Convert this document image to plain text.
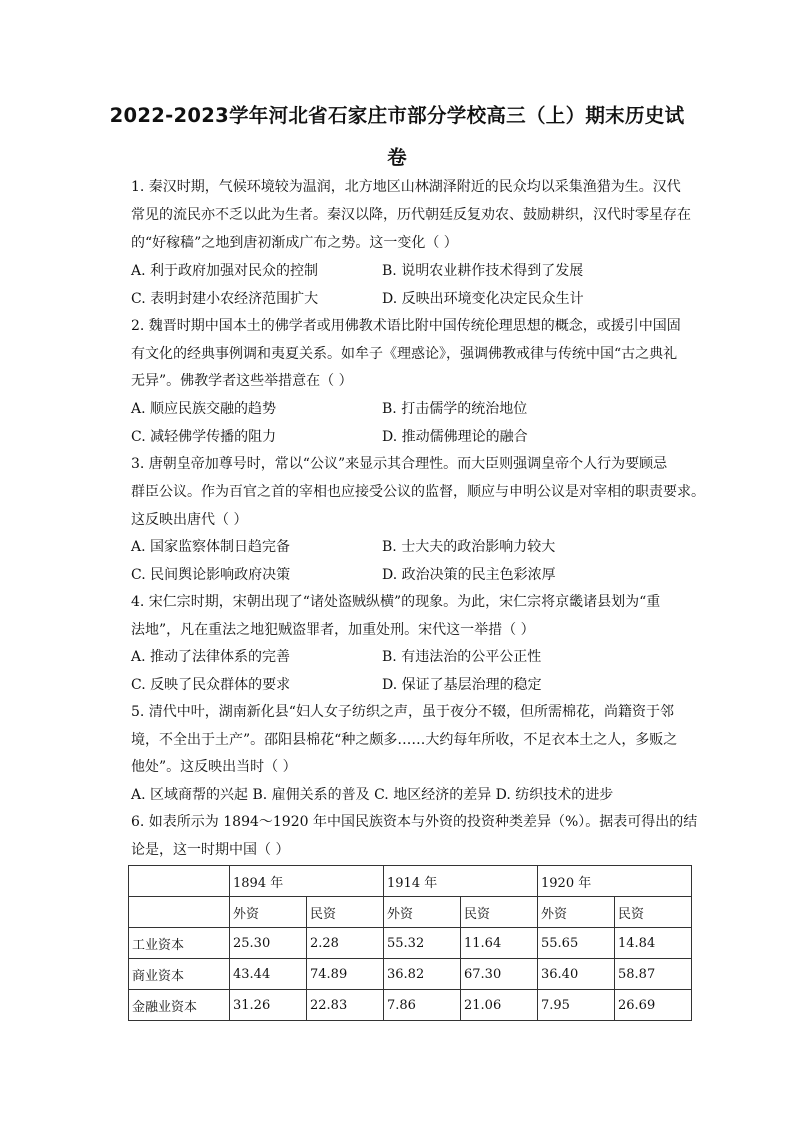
2022-2023学年河北省石家庄市部分学校高三（上）期末历史试
卷
1. 秦汉时期，气候环境较为温润，北方地区山林湖泽附近的民众均以采集渔猎为生。汉代
常见的流民亦不乏以此为生者。秦汉以降，历代朝廷反复劝农、鼓励耕织，汉代时零星存在
的“好稼穑”之地到唐初渐成广布之势。这一变化（ ）
A. 利于政府加强对民众的控制	B. 说明农业耕作技术得到了发展
C. 表明封建小农经济范围扩大	D. 反映出环境变化决定民众生计
2. 魏晋时期中国本土的佛学者或用佛教术语比附中国传统伦理思想的概念，或援引中国固
有文化的经典事例调和夷夏关系。如牟子《理惑论》，强调佛教戒律与传统中国“古之典礼
无异”。佛教学者这些举措意在（ ）
A. 顺应民族交融的趋势	B. 打击儒学的统治地位
C. 减轻佛学传播的阻力	D. 推动儒佛理论的融合
3. 唐朝皇帝加尊号时，常以“公议”来显示其合理性。而大臣则强调皇帝个人行为要顾忌
群臣公议。作为百官之首的宰相也应接受公议的监督，顺应与申明公议是对宰相的职责要求。
这反映出唐代（ ）
A. 国家监察体制日趋完备	B. 士大夫的政治影响力较大
C. 民间舆论影响政府决策	D. 政治决策的民主色彩浓厚
4. 宋仁宗时期，宋朝出现了“诸处盗贼纵横”的现象。为此，宋仁宗将京畿诸县划为“重
法地”，凡在重法之地犯贼盗罪者，加重处刑。宋代这一举措（ ）
A. 推动了法律体系的完善	B. 有违法治的公平公正性
C. 反映了民众群体的要求	D. 保证了基层治理的稳定
5. 清代中叶，湖南新化县“妇人女子纺织之声，虽于夜分不辍，但所需棉花，尚籍资于邻
境，不全出于土产”。邵阳县棉花“种之颇多……大约每年所收，不足衣本土之人，多贩之
他处”。这反映出当时（ ）
A. 区域商帮的兴起 B. 雇佣关系的普及 C. 地区经济的差异 D. 纺织技术的进步
6. 如表所示为 1894～1920 年中国民族资本与外资的投资种类差异（%）。据表可得出的结
论是，这一时期中国（ ）
	1894 年		1914 年		1920 年	
	外资	民资	外资	民资	外资	民资
工业资本	25.30	2.28	55.32	11.64	55.65	14.84
商业资本	43.44	74.89	36.82	67.30	36.40	58.87
金融业资本	31.26	22.83	7.86	21.06	7.95	26.69
